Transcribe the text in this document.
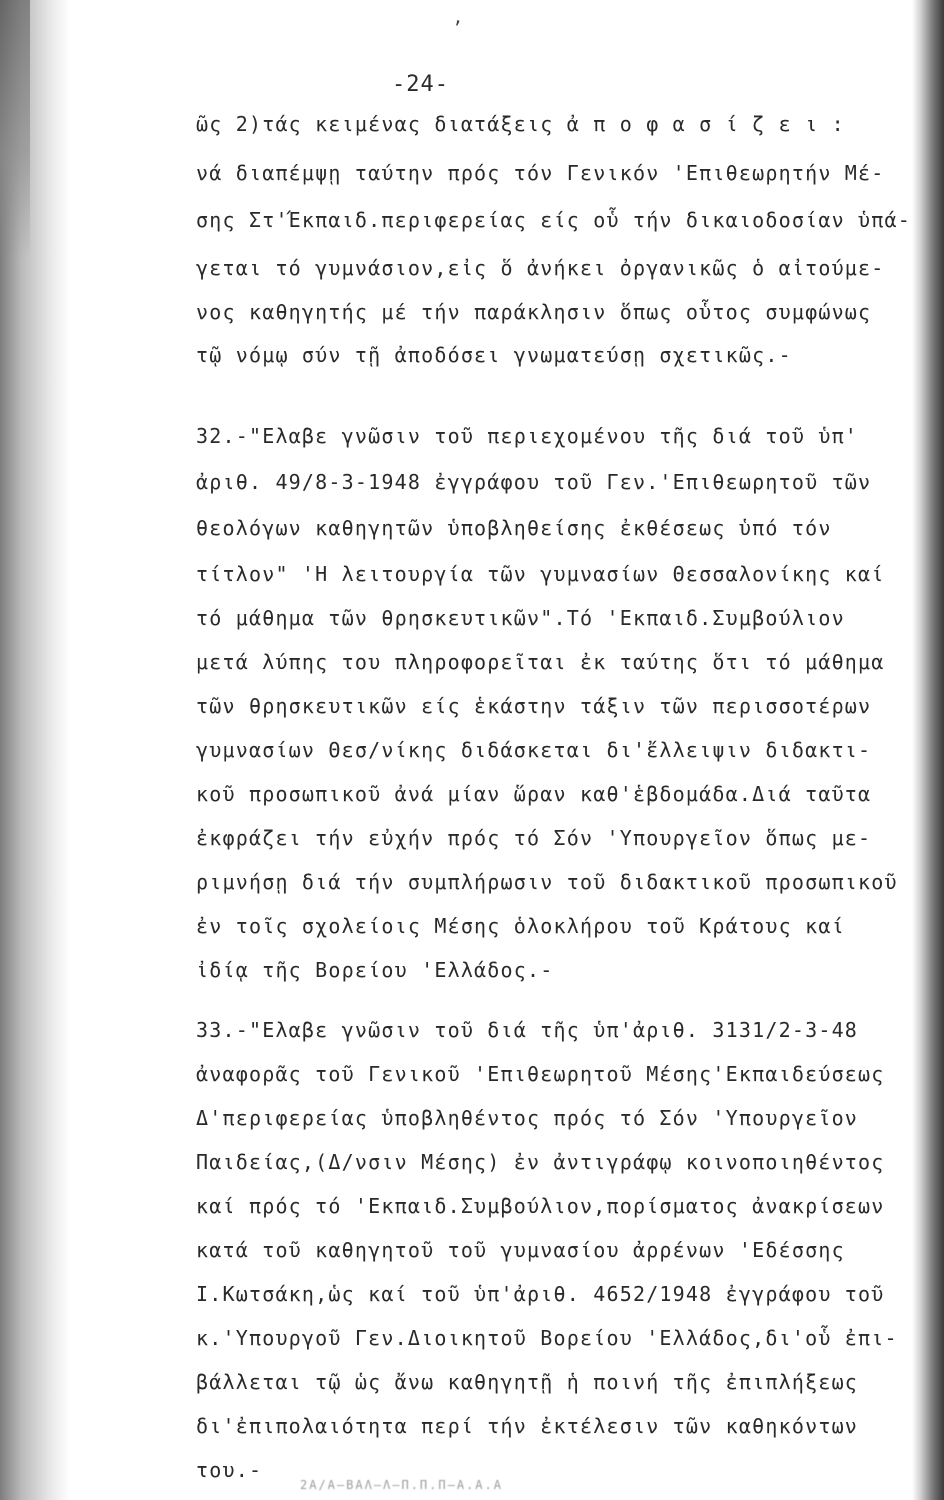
ʼ
-24-
ῶς 2)τάς κειμένας διατάξεις ἀ π ο φ α σ ί ζ ε ι :
νά διαπέμψῃ ταύτην πρός τόν Γενικόν 'Επιθεωρητήν Μέ-
σης Στ'Έκπαιδ.περιφερείας είς οὗ τήν δικαιοδοσίαν ὑπά-
γεται τό γυμνάσιον,εἰς ὅ ἀνήκει ὀργανικῶς ὁ αἰτούμε-
νος καθηγητής μέ τήν παράκλησιν ὅπως οὗτος συμφώνως
τῷ νόμῳ σύν τῇ ἀποδόσει γνωματεύσῃ σχετικῶς.-
32.-"Ελαβε γνῶσιν τοῦ περιεχομένου τῆς διά τοῦ ὑπ'
ἀριθ. 49/8-3-1948 ἐγγράφου τοῦ Γεν.'Επιθεωρητοῦ τῶν
θεολόγων καθηγητῶν ὑποβληθείσης ἐκθέσεως ὑπό τόν
τίτλον" 'Η λειτουργία τῶν γυμνασίων Θεσσαλονίκης καί
τό μάθημα τῶν θρησκευτικῶν".Τό 'Εκπαιδ.Συμβούλιον
μετά λύπης του πληροφορεῖται ἐκ ταύτης ὅτι τό μάθημα
τῶν θρησκευτικῶν είς ἑκάστην τάξιν τῶν περισσοτέρων
γυμνασίων Θεσ/νίκης διδάσκεται δι'ἔλλειψιν διδακτι-
κοῦ προσωπικοῦ ἀνά μίαν ὥραν καθ'ἑβδομάδα.Διά ταῦτα
ἐκφράζει τήν εὐχήν πρός τό Σόν 'Υπουργεῖον ὅπως με-
ριμνήσῃ διά τήν συμπλήρωσιν τοῦ διδακτικοῦ προσωπικοῦ
ἐν τοῖς σχολείοις Μέσης ὁλοκλήρου τοῦ Κράτους καί
ἰδίᾳ τῆς Βορείου 'Ελλάδος.-
33.-"Ελαβε γνῶσιν τοῦ διά τῆς ὑπ'ἀριθ. 3131/2-3-48
ἀναφορᾶς τοῦ Γενικοῦ 'Επιθεωρητοῦ Μέσης'Εκπαιδεύσεως
Δ'περιφερείας ὑποβληθέντος πρός τό Σόν 'Υπουργεῖον
Παιδείας,(Δ/νσιν Μέσης) ἐν ἀντιγράφῳ κοινοποιηθέντος
καί πρός τό 'Εκπαιδ.Συμβούλιον,πορίσματος ἀνακρίσεων
κατά τοῦ καθηγητοῦ τοῦ γυμνασίου ἀρρένων 'Εδέσσης
Ι.Κωτσάκη,ὡς καί τοῦ ὑπ'ἀριθ. 4652/1948 ἐγγράφου τοῦ
κ.'Υπουργοῦ Γεν.Διοικητοῦ Βορείου 'Ελλάδος,δι'οὗ ἐπι-
βάλλεται τῷ ὡς ἄνω καθηγητῇ ἡ ποινή τῆς ἐπιπλήξεως
δι'ἐπιπολαιότητα περί τήν ἐκτέλεσιν τῶν καθηκόντων
του.-
2Α/Α—ΒΑΛ—Λ—Π.Π.Π—Α.Α.Α
